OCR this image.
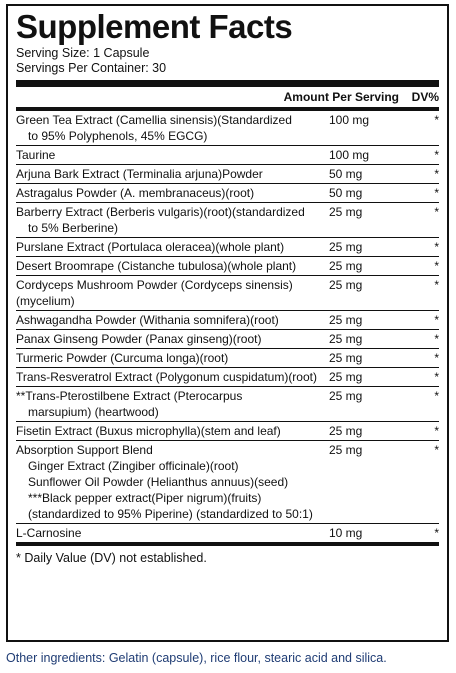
Supplement Facts
Serving Size: 1 Capsule
Servings Per Container: 30
Amount Per Serving	DV%
Green Tea Extract (Camellia sinensis)(Standardized
to 95% Polyphenols, 45% EGCG)
100 mg	*
Taurine	100 mg	*
Arjuna Bark Extract (Terminalia arjuna)Powder	50 mg	*
Astragalus Powder (A. membranaceus)(root)	50 mg	*
Barberry Extract (Berberis vulgaris)(root)(standardized
to 5% Berberine)
25 mg	*
Purslane Extract (Portulaca oleracea)(whole plant)	25 mg	*
Desert Broomrape (Cistanche tubulosa)(whole plant)	25 mg	*
Cordyceps Mushroom Powder (Cordyceps sinensis)(mycelium)
25 mg	*
Ashwagandha Powder (Withania somnifera)(root)	25 mg	*
Panax Ginseng Powder (Panax ginseng)(root)	25 mg	*
Turmeric Powder (Curcuma longa)(root)	25 mg	*
Trans-Resveratrol Extract (Polygonum cuspidatum)(root)	25 mg	*
**Trans-Pterostilbene Extract (Pterocarpus
marsupium) (heartwood)
25 mg	*
Fisetin Extract (Buxus microphylla)(stem and leaf)	25 mg	*
Absorption Support Blend
Ginger Extract (Zingiber officinale)(root)
Sunflower Oil Powder (Helianthus annuus)(seed)
***Black pepper extract(Piper nigrum)(fruits)
(standardized to 95% Piperine) (standardized to 50:1)
25 mg	*
L-Carnosine	10 mg	*
* Daily Value (DV) not established.
Other ingredients: Gelatin (capsule), rice flour, stearic acid and silica.
